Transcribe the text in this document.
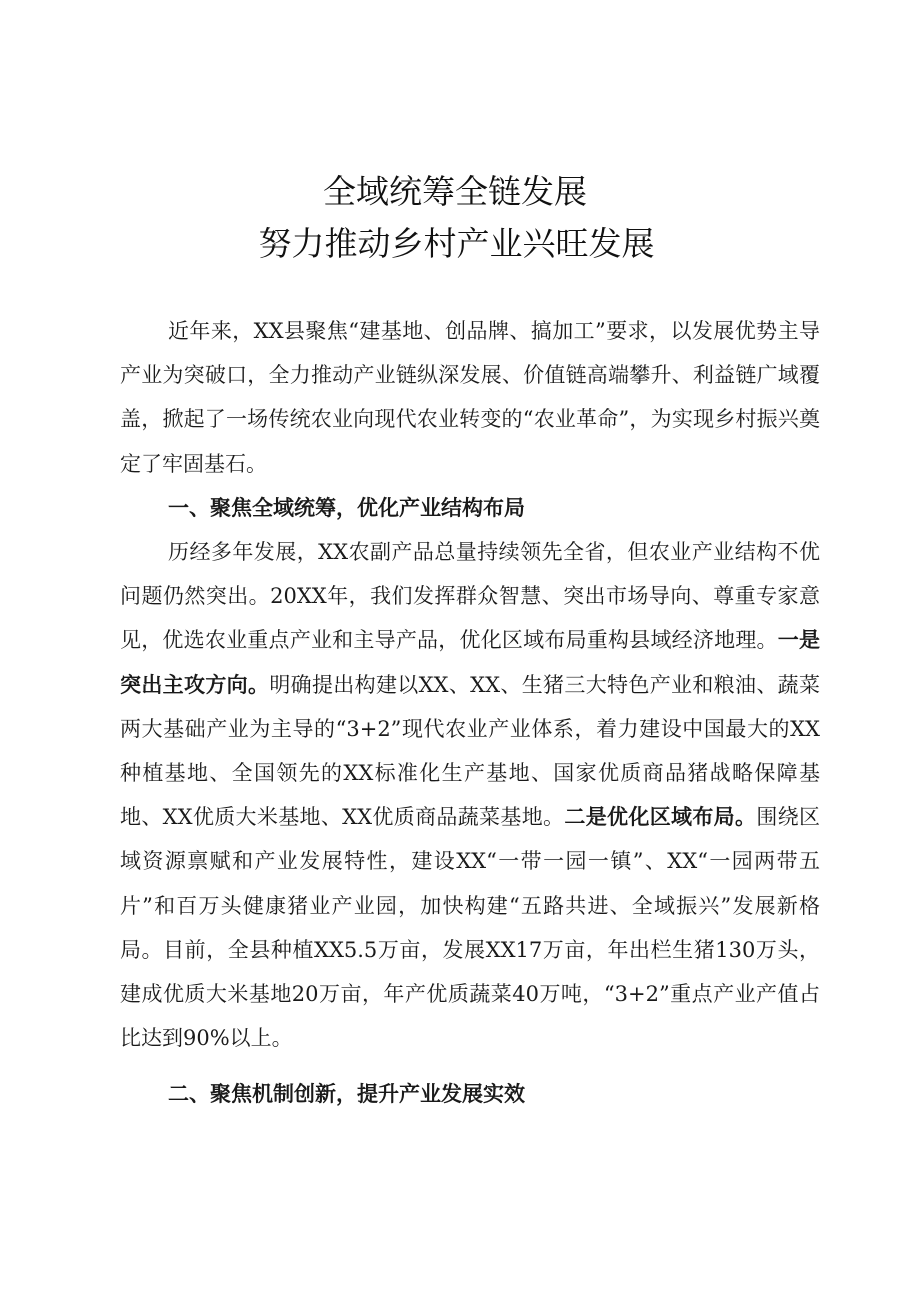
全域统筹全链发展
努力推动乡村产业兴旺发展

近年来，XX县聚焦“建基地、创品牌、搞加工”要求，以发展优势主导产业为突破口，全力推动产业链纵深发展、价值链高端攀升、利益链广域覆盖，掀起了一场传统农业向现代农业转变的“农业革命”，为实现乡村振兴奠定了牢固基石。

一、聚焦全域统筹，优化产业结构布局

历经多年发展，XX农副产品总量持续领先全省，但农业产业结构不优问题仍然突出。20XX年，我们发挥群众智慧、突出市场导向、尊重专家意见，优选农业重点产业和主导产品，优化区域布局重构县域经济地理。一是突出主攻方向。明确提出构建以XX、XX、生猪三大特色产业和粮油、蔬菜两大基础产业为主导的“3+2”现代农业产业体系，着力建设中国最大的XX种植基地、全国领先的XX标准化生产基地、国家优质商品猪战略保障基地、XX优质大米基地、XX优质商品蔬菜基地。二是优化区域布局。围绕区域资源禀赋和产业发展特性，建设XX“一带一园一镇”、XX“一园两带五片”和百万头健康猪业产业园，加快构建“五路共进、全域振兴”发展新格局。目前，全县种植XX5.5万亩，发展XX17万亩，年出栏生猪130万头，建成优质大米基地20万亩，年产优质蔬菜40万吨，“3+2”重点产业产值占比达到90%以上。

二、聚焦机制创新，提升产业发展实效
